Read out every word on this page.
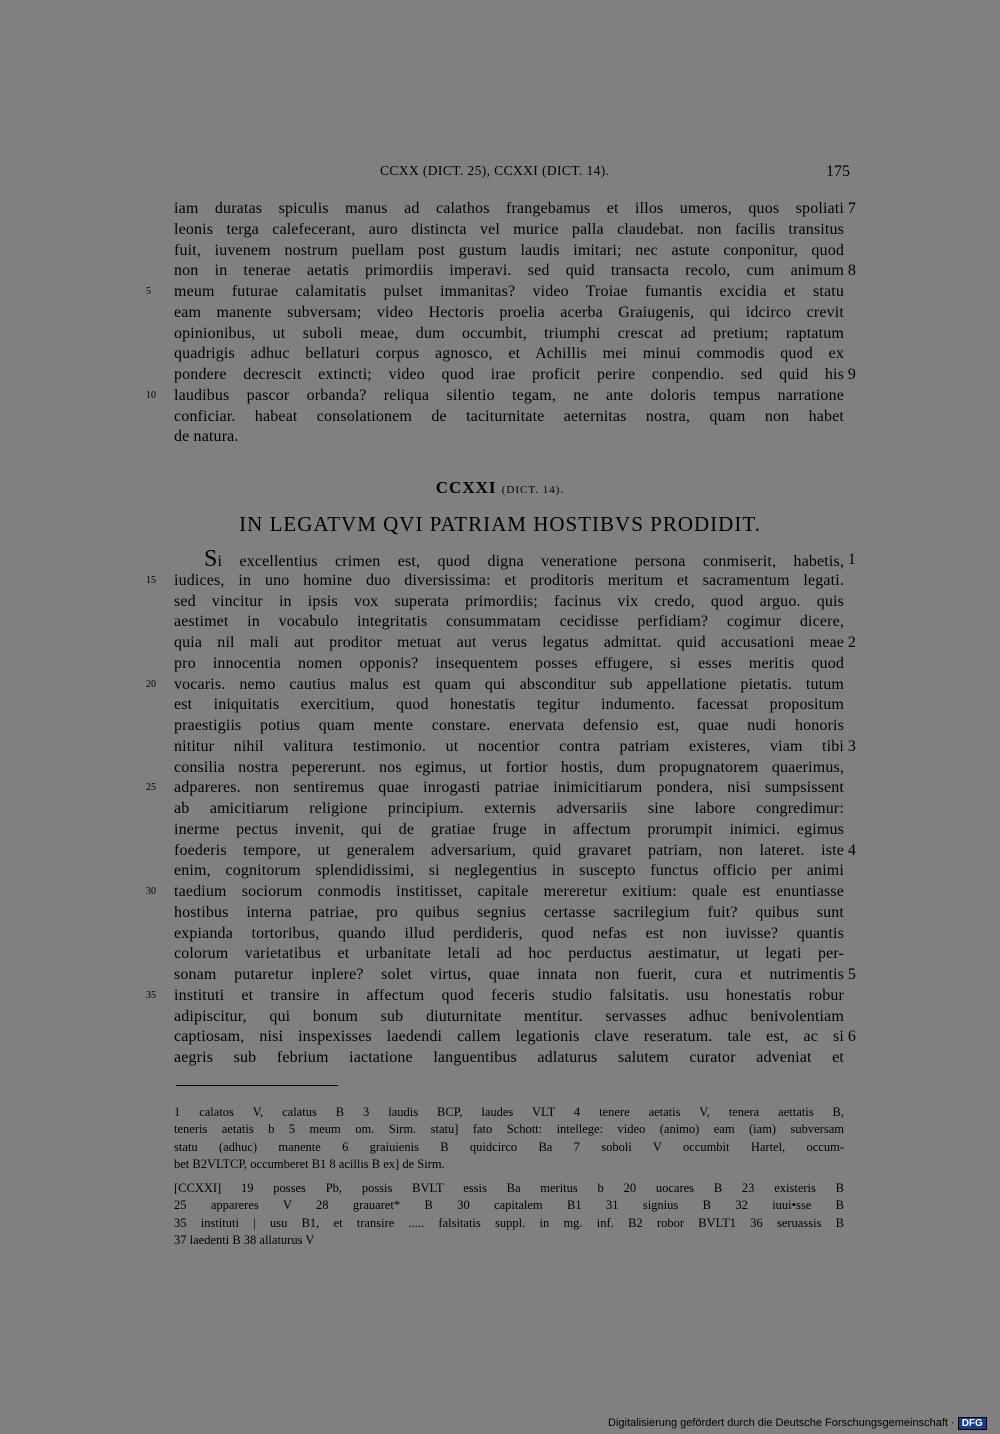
CCXX (DICT. 25), CCXXI (DICT. 14).	175
iam duratas spiculis manus ad calathos frangebamus et illos umeros, quos spoliati 7
leonis terga calefecerant, auro distincta vel murice palla claudebat. non facilis transitus
fuit, iuvenem nostrum puellam post gustum laudis imitari; nec astute conponitur, quod
non in tenerae aetatis primordiis imperavi. sed quid transacta recolo, cum animum 8
meum futurae calamitatis pulset immanitas? video Troiae fumantis excidia et statu
5
eam manente subversam; video Hectoris proelia acerba Graiugenis, qui idcirco crevit
opinionibus, ut suboli meae, dum occumbit, triumphi crescat ad pretium; raptatum
quadrigis adhuc bellaturi corpus agnosco, et Achillis mei minui commodis quod ex
pondere decrescit extincti; video quod irae proficit perire conpendio. sed quid his 9
laudibus pascor orbanda? reliqua silentio tegam, ne ante doloris tempus narratione
10
conficiar. habeat consolationem de taciturnitate aeternitas nostra, quam non habet
de natura.
CCXXI (DICT. 14).
IN LEGATVM QVI PATRIAM HOSTIBVS PRODIDIT.
Si excellentius crimen est, quod digna veneratione persona conmiserit, habetis, 1
iudices, in uno homine duo diversissima: et proditoris meritum et sacramentum legati.
15
sed vincitur in ipsis vox superata primordiis; facinus vix credo, quod arguo. quis
aestimet in vocabulo integritatis consummatam cecidisse perfidiam? cogimur dicere,
quia nil mali aut proditor metuat aut verus legatus admittat. quid accusationi meae 2
pro innocentia nomen opponis? insequentem posses effugere, si esses meritis quod
vocaris. nemo cautius malus est quam qui absconditur sub appellatione pietatis. tutum
20
est iniquitatis exercitium, quod honestatis tegitur indumento. facessat propositum
praestigiis potius quam mente constare. enervata defensio est, quae nudi honoris
nititur nihil valitura testimonio. ut nocentior contra patriam existeres, viam tibi 3
consilia nostra pepererunt. nos egimus, ut fortior hostis, dum propugnatorem quaerimus,
adpareres. non sentiremus quae inrogasti patriae inimicitiarum pondera, nisi sumpsissent
25
ab amicitiarum religione principium. externis adversariis sine labore congredimur:
inerme pectus invenit, qui de gratiae fruge in affectum prorumpit inimici. egimus
foederis tempore, ut generalem adversarium, quid gravaret patriam, non lateret. iste 4
enim, cognitorum splendidissimi, si neglegentius in suscepto functus officio per animi
taedium sociorum conmodis institisset, capitale mereretur exitium: quale est enuntiasse
30
hostibus interna patriae, pro quibus segnius certasse sacrilegium fuit? quibus sunt
expianda tortoribus, quando illud perdideris, quod nefas est non iuvisse? quantis
colorum varietatibus et urbanitate letali ad hoc perductus aestimatur, ut legati per-
sonam putaretur inplere? solet virtus, quae innata non fuerit, cura et nutrimentis 5
instituti et transire in affectum quod feceris studio falsitatis. usu honestatis robur
35
adipiscitur, qui bonum sub diuturnitate mentitur. servasses adhuc benivolentiam
captiosam, nisi inspexisses laedendi callem legationis clave reseratum. tale est, ac si 6
aegris sub febrium iactatione languentibus adlaturus salutem curator adveniat et
1 calatos V, calatus B 3 laudis BCP, laudes VLT 4 tenere aetatis V, tenera aettatis B,
teneris aetatis b 5 meum om. Sirm. statu] fato Schott: intellege: video (animo) eam (iam) subversam
statu (adhuc) manente 6 graiuienis B quidcirco Ba 7 soboli V occumbit Hartel, occum-
bet B2VLTCP, occumberet B1 8 acillis B ex] de Sirm.
[CCXXI] 19 posses Pb, possis BVLT essis Ba meritus b 20 uocares B 23 existeris B
25 appareres V 28 grauaret* B 30 capitalem B1 31 signius B 32 iuui•sse B
35 instituti | usu B1, et transire ..... falsitatis suppl. in mg. inf. B2 robor BVLT1 36 seruassis B
37 laedenti B 38 allaturus V
Digitalisierung gefördert durch die Deutsche Forschungsgemeinschaft · DFG
